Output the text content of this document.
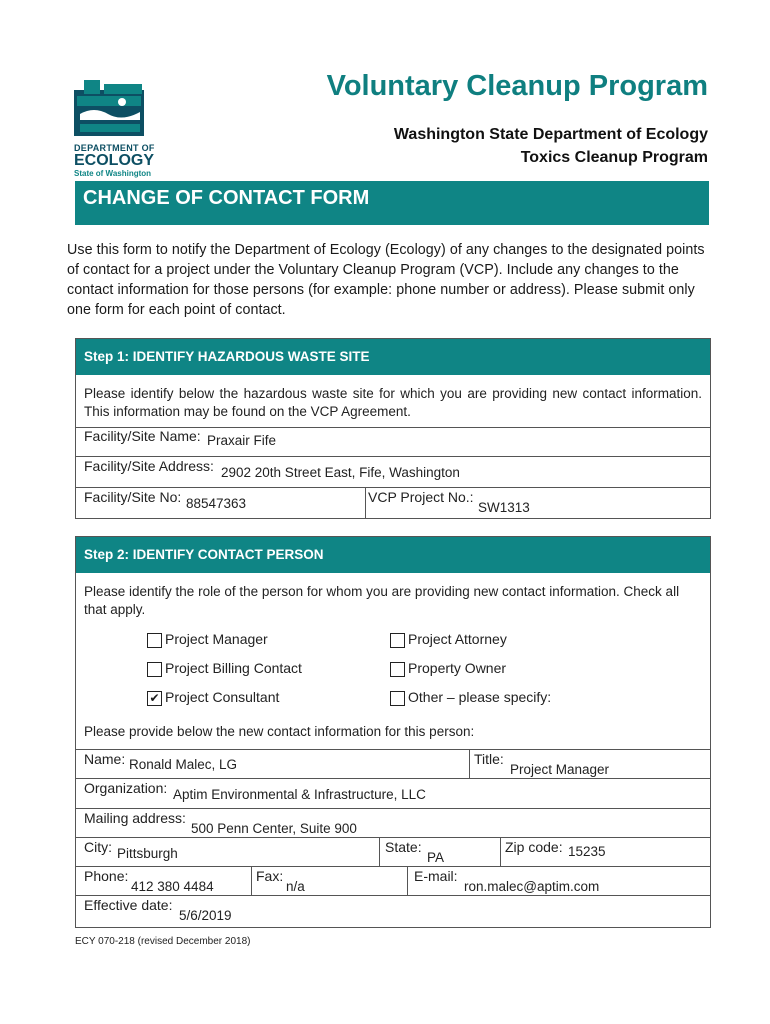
DEPARTMENT OF
ECOLOGY
State of Washington
Voluntary Cleanup Program
Washington State Department of Ecology
Toxics Cleanup Program
CHANGE OF CONTACT FORM
Use this form to notify the Department of Ecology (Ecology) of any changes to the designated points of contact for a project under the Voluntary Cleanup Program (VCP). Include any changes to the contact information for those persons (for example: phone number or address). Please submit only one form for each point of contact.
Step 1: IDENTIFY HAZARDOUS WASTE SITE
Please identify below the hazardous waste site for which you are providing new contact information. This information may be found on the VCP Agreement.
Facility/Site Name: Praxair Fife
Facility/Site Address: 2902 20th Street East, Fife, Washington
Facility/Site No: 88547363	VCP Project No.:
SW1313
Step 2: IDENTIFY CONTACT PERSON
Please identify the role of the person for whom you are providing new contact information. Check all that apply.
Project Manager	Project Attorney
Project Billing Contact	Property Owner
✔ Project Consultant	Other – please specify:
Please provide below the new contact information for this person:
Name: Ronald Malec, LG	Title:
Project Manager
Organization: Aptim Environmental & Infrastructure, LLC
Mailing address:
500 Penn Center, Suite 900
City: Pittsburgh	State:
PA
Zip code: 15235
Phone:
412 380 4484
Fax:
n/a
E-mail:
ron.malec@aptim.com
Effective date:
5/6/2019
ECY 070-218 (revised December 2018)
